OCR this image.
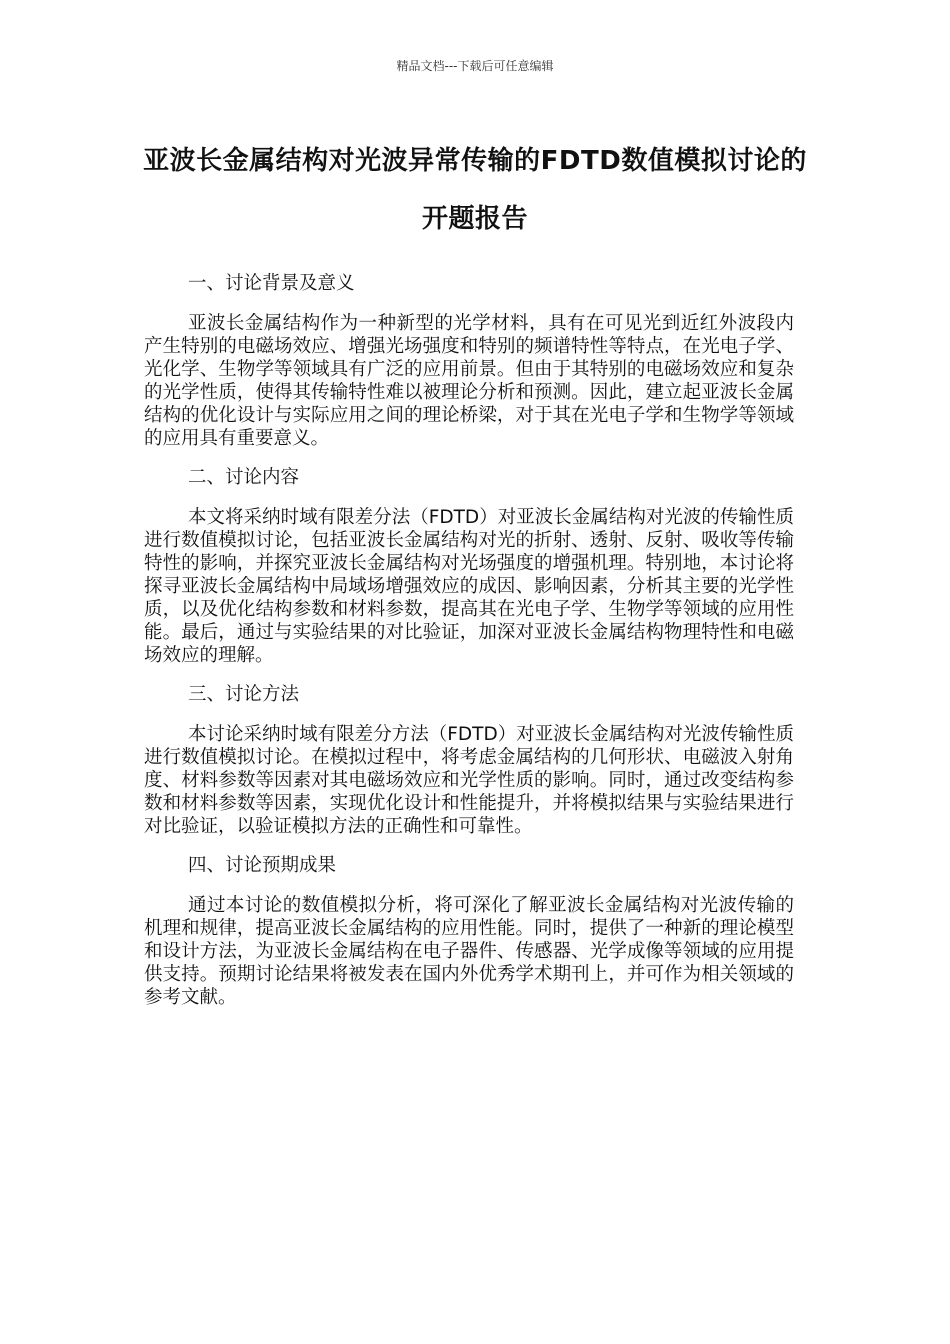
精品文档---下载后可任意编辑
亚波长金属结构对光波异常传输的FDTD数值模拟讨论的开题报告
一、讨论背景及意义

亚波长金属结构作为一种新型的光学材料，具有在可见光到近红外波段内产生特别的电磁场效应、增强光场强度和特别的频谱特性等特点，在光电子学、光化学、生物学等领域具有广泛的应用前景。但由于其特别的电磁场效应和复杂的光学性质，使得其传输特性难以被理论分析和预测。因此，建立起亚波长金属结构的优化设计与实际应用之间的理论桥梁，对于其在光电子学和生物学等领域的应用具有重要意义。

二、讨论内容

本文将采纳时域有限差分法（FDTD）对亚波长金属结构对光波的传输性质进行数值模拟讨论，包括亚波长金属结构对光的折射、透射、反射、吸收等传输特性的影响，并探究亚波长金属结构对光场强度的增强机理。特别地，本讨论将探寻亚波长金属结构中局域场增强效应的成因、影响因素，分析其主要的光学性质，以及优化结构参数和材料参数，提高其在光电子学、生物学等领域的应用性能。最后，通过与实验结果的对比验证，加深对亚波长金属结构物理特性和电磁场效应的理解。

三、讨论方法

本讨论采纳时域有限差分方法（FDTD）对亚波长金属结构对光波传输性质进行数值模拟讨论。在模拟过程中，将考虑金属结构的几何形状、电磁波入射角度、材料参数等因素对其电磁场效应和光学性质的影响。同时，通过改变结构参数和材料参数等因素，实现优化设计和性能提升，并将模拟结果与实验结果进行对比验证，以验证模拟方法的正确性和可靠性。

四、讨论预期成果

通过本讨论的数值模拟分析，将可深化了解亚波长金属结构对光波传输的机理和规律，提高亚波长金属结构的应用性能。同时，提供了一种新的理论模型和设计方法，为亚波长金属结构在电子器件、传感器、光学成像等领域的应用提供支持。预期讨论结果将被发表在国内外优秀学术期刊上，并可作为相关领域的参考文献。
